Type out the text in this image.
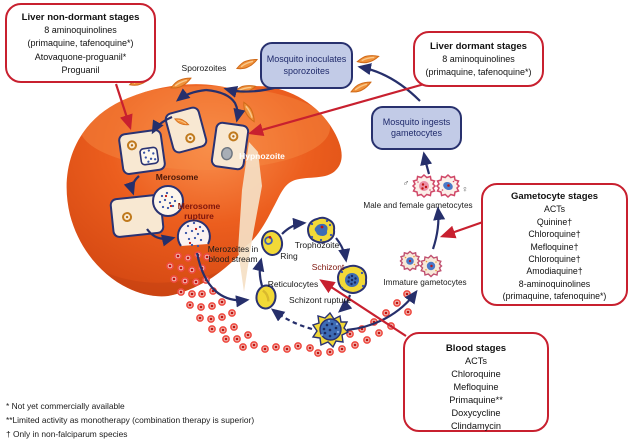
Sporozoites
Hypnozoite
Merosome
Merosome
rupture
Merozoites in
blood stream	Ring
Trophozoite
Schizont
Reticulocytes
Schizont rupture
Male and female gametocytes
Immature gametocytes
♂
♀
Liver non-dormant stages
8 aminoquinolines
(primaquine, tafenoquine*)
Atovaquone-proguanil*
Proguanil
Liver dormant stages
8 aminoquinolines
(primaquine, tafenoquine*)
Gametocyte stages
ACTs
Quinine†
Chloroquine†
Mefloquine†
Chloroquine†
Amodiaquine†
8-aminoquinolines
(primaquine, tafenoquine*)
Blood stages
ACTs
Chloroquine
Mefloquine
Primaquine**
Doxycycline
Clindamycin
Mosquito inoculates
sporozoites
Mosquito ingests
gametocytes
* Not yet commercially available
**Limited activity as monotherapy (combination therapy is superior)
† Only in non-falciparum species
